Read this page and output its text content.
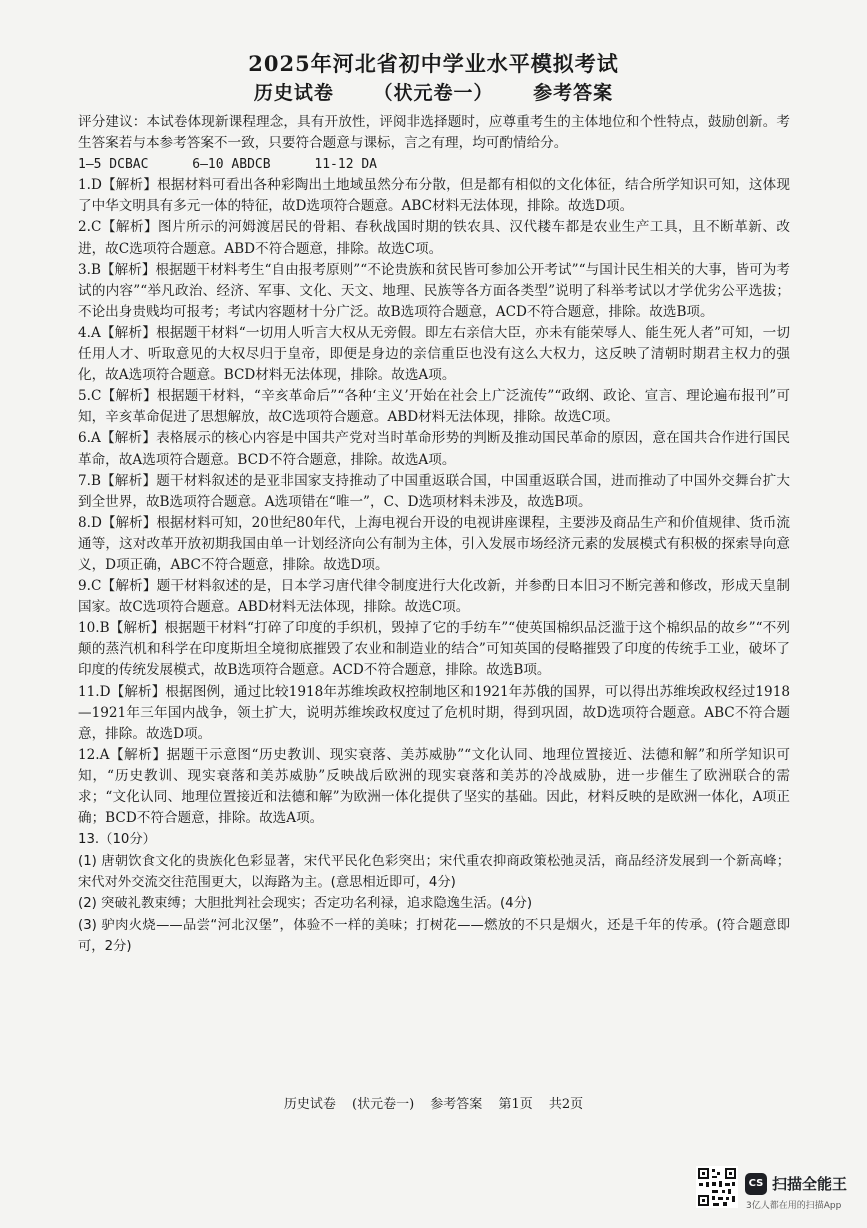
2025年河北省初中学业水平模拟考试
历史试卷 （状元卷一） 参考答案

评分建议：本试卷体现新课程理念，具有开放性，评阅非选择题时，应尊重考生的主体地位和个性特点，鼓励创新。考生答案若与本参考答案不一致，只要符合题意与课标，言之有理，均可酌情给分。

1—5 DCBAC	6—10 ABDCB	11-12 DA

1.D【解析】根据材料可看出各种彩陶出土地域虽然分布分散，但是都有相似的文化体征，结合所学知识可知，这体现了中华文明具有多元一体的特征，故D选项符合题意。ABC材料无法体现，排除。故选D项。

2.C【解析】图片所示的河姆渡居民的骨耜、春秋战国时期的铁农具、汉代耧车都是农业生产工具，且不断革新、改进，故C选项符合题意。ABD不符合题意，排除。故选C项。

3.B【解析】根据题干材料考生“自由报考原则”“不论贵族和贫民皆可参加公开考试”“与国计民生相关的大事，皆可为考试的内容”“举凡政治、经济、军事、文化、天文、地理、民族等各方面各类型”说明了科举考试以才学优劣公平选拔；不论出身贵贱均可报考；考试内容题材十分广泛。故B选项符合题意，ACD不符合题意，排除。故选B项。

4.A【解析】根据题干材料“一切用人听言大权从无旁假。即左右亲信大臣，亦未有能荣辱人、能生死人者”可知，一切任用人才、听取意见的大权尽归于皇帝，即便是身边的亲信重臣也没有这么大权力，这反映了清朝时期君主权力的强化，故A选项符合题意。BCD材料无法体现，排除。故选A项。

5.C【解析】根据题干材料，“辛亥革命后”“各种‘主义’开始在社会上广泛流传”“政纲、政论、宣言、理论遍布报刊”可知，辛亥革命促进了思想解放，故C选项符合题意。ABD材料无法体现，排除。故选C项。

6.A【解析】表格展示的核心内容是中国共产党对当时革命形势的判断及推动国民革命的原因，意在国共合作进行国民革命，故A选项符合题意。BCD不符合题意，排除。故选A项。

7.B【解析】题干材料叙述的是亚非国家支持推动了中国重返联合国，中国重返联合国，进而推动了中国外交舞台扩大到全世界，故B选项符合题意。A选项错在“唯一”，C、D选项材料未涉及，故选B项。

8.D【解析】根据材料可知，20世纪80年代，上海电视台开设的电视讲座课程，主要涉及商品生产和价值规律、货币流通等，这对改革开放初期我国由单一计划经济向公有制为主体，引入发展市场经济元素的发展模式有积极的探索导向意义，D项正确，ABC不符合题意，排除。故选D项。

9.C【解析】题干材料叙述的是，日本学习唐代律令制度进行大化改新，并参酌日本旧习不断完善和修改，形成天皇制国家。故C选项符合题意。ABD材料无法体现，排除。故选C项。

10.B【解析】根据题干材料“打碎了印度的手织机，毁掉了它的手纺车”“使英国棉织品泛滥于这个棉织品的故乡”“不列颠的蒸汽机和科学在印度斯坦全境彻底摧毁了农业和制造业的结合”可知英国的侵略摧毁了印度的传统手工业，破坏了印度的传统发展模式，故B选项符合题意。ACD不符合题意，排除。故选B项。

11.D【解析】根据图例，通过比较1918年苏维埃政权控制地区和1921年苏俄的国界，可以得出苏维埃政权经过1918—1921年三年国内战争，领土扩大，说明苏维埃政权度过了危机时期，得到巩固，故D选项符合题意。ABC不符合题意，排除。故选D项。

12.A【解析】据题干示意图“历史教训、现实衰落、美苏威胁”“文化认同、地理位置接近、法德和解”和所学知识可知，“历史教训、现实衰落和美苏威胁”反映战后欧洲的现实衰落和美苏的冷战威胁，进一步催生了欧洲联合的需求；“文化认同、地理位置接近和法德和解”为欧洲一体化提供了坚实的基础。因此，材料反映的是欧洲一体化，A项正确；BCD不符合题意，排除。故选A项。

13.（10分）

(1) 唐朝饮食文化的贵族化色彩显著，宋代平民化色彩突出；宋代重农抑商政策松弛灵活，商品经济发展到一个新高峰；宋代对外交流交往范围更大，以海路为主。(意思相近即可，4分)

(2) 突破礼教束缚；大胆批判社会现实；否定功名利禄，追求隐逸生活。(4分)

(3) 驴肉火烧——品尝“河北汉堡”，体验不一样的美味；打树花——燃放的不只是烟火，还是千年的传承。(符合题意即可，2分)

历史试卷 (状元卷一) 参考答案 第1页 共2页
CS 扫描全能王
3亿人都在用的扫描App
